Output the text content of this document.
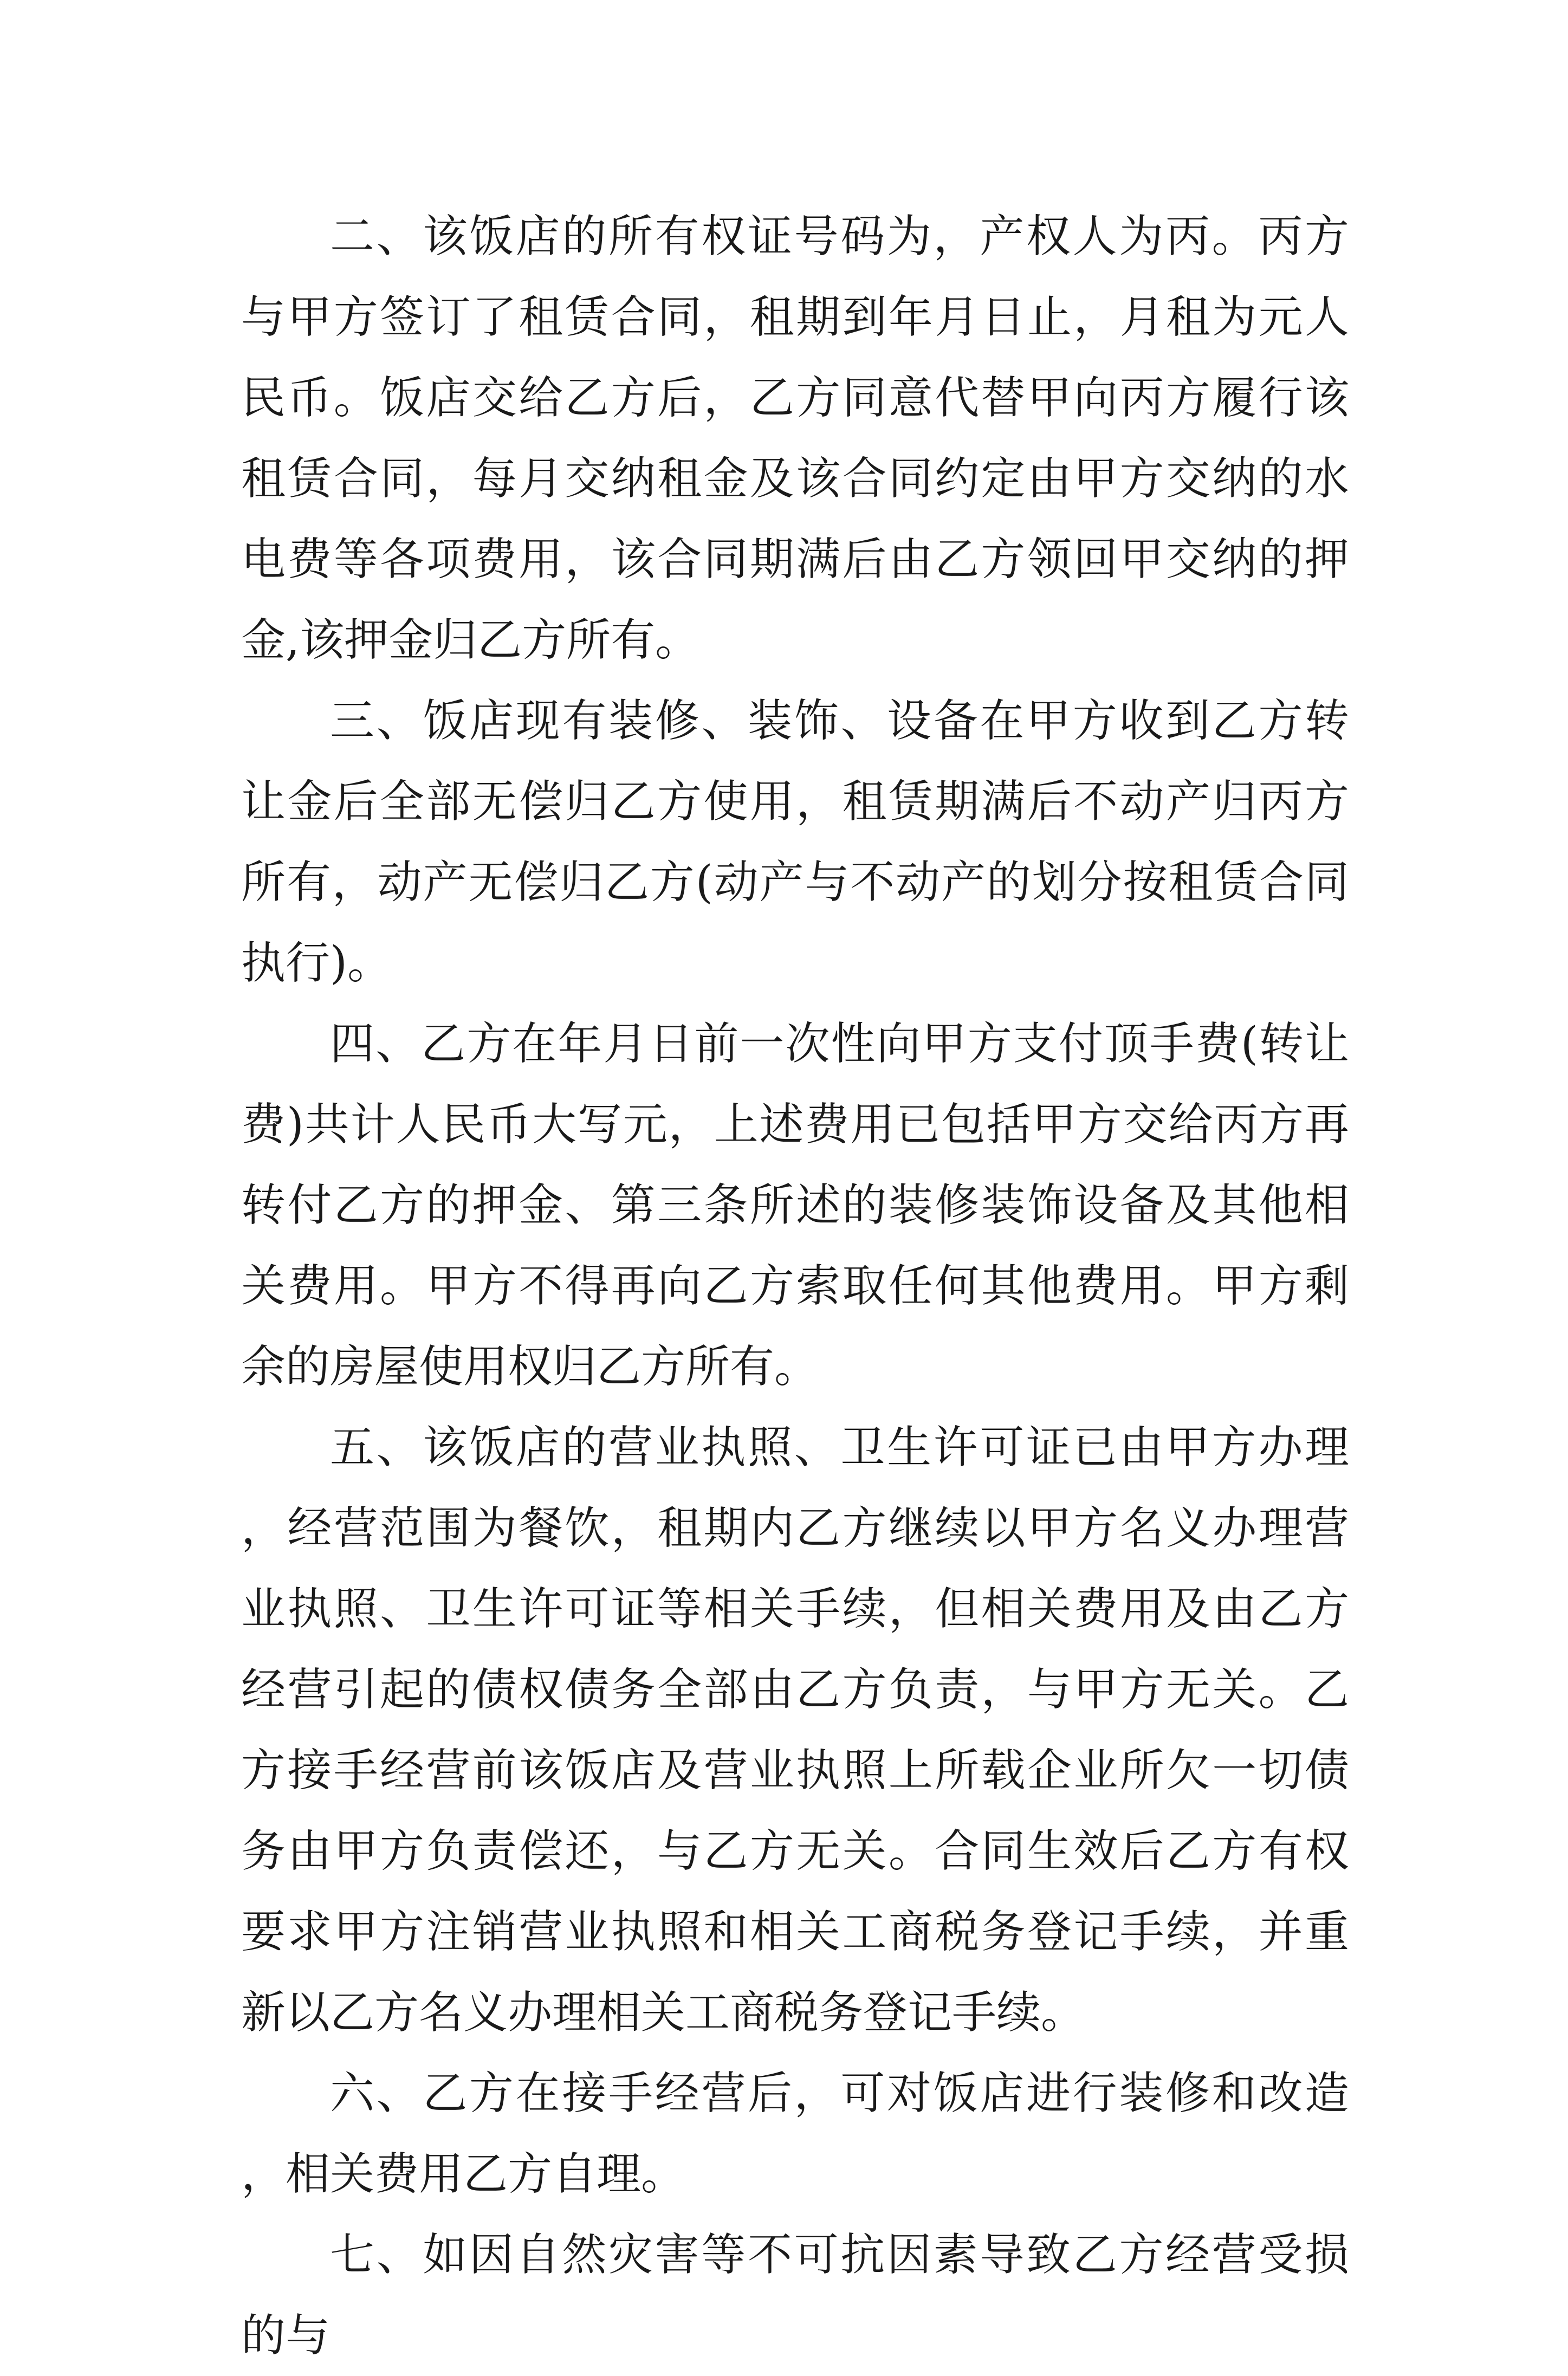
二、该饭店的所有权证号码为，产权人为丙。丙方与甲方签订了租赁合同，租期到年月日止，月租为元人民币。饭店交给乙方后，乙方同意代替甲向丙方履行该租赁合同，每月交纳租金及该合同约定由甲方交纳的水电费等各项费用，该合同期满后由乙方领回甲交纳的押金,该押金归乙方所有。

三、饭店现有装修、装饰、设备在甲方收到乙方转让金后全部无偿归乙方使用，租赁期满后不动产归丙方所有，动产无偿归乙方(动产与不动产的划分按租赁合同执行)。

四、乙方在年月日前一次性向甲方支付顶手费(转让费)共计人民币大写元，上述费用已包括甲方交给丙方再转付乙方的押金、第三条所述的装修装饰设备及其他相关费用。甲方不得再向乙方索取任何其他费用。甲方剩余的房屋使用权归乙方所有。

五、该饭店的营业执照、卫生许可证已由甲方办理，经营范围为餐饮，租期内乙方继续以甲方名义办理营业执照、卫生许可证等相关手续，但相关费用及由乙方经营引起的债权债务全部由乙方负责，与甲方无关。乙方接手经营前该饭店及营业执照上所载企业所欠一切债务由甲方负责偿还，与乙方无关。合同生效后乙方有权要求甲方注销营业执照和相关工商税务登记手续，并重新以乙方名义办理相关工商税务登记手续。

六、乙方在接手经营后，可对饭店进行装修和改造，相关费用乙方自理。

七、如因自然灾害等不可抗因素导致乙方经营受损的与
